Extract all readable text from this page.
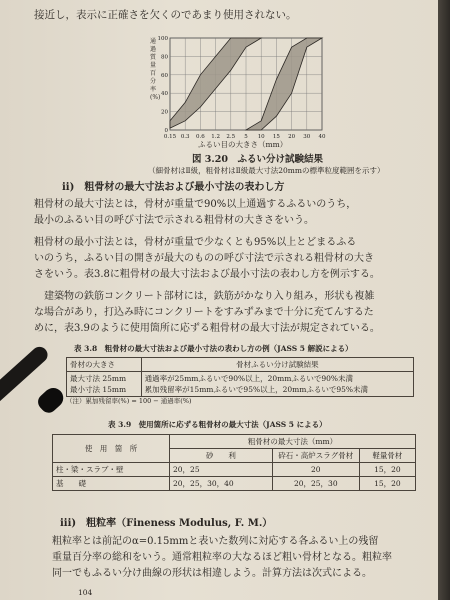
接近し，表示に正確さを欠くのであまり使用されない。
0.15 0.3 0.6 1.2 2.5 5 10 15 20 30 40
100
80
60
40
20
0
通過質量百分率(%)
ふるい目の大きさ（mm）
図 3.20　ふるい分け試験結果
（細骨材はⅡ級，粗骨材はⅡ級最大寸法20mmの標準粒度範囲を示す）
ii)　粗骨材の最大寸法および最小寸法の表わし方
粗骨材の最大寸法とは，骨材が重量で90%以上通過するふるいのうち，
最小のふるい目の呼び寸法で示される粗骨材の大きさをいう。
粗骨材の最小寸法とは，骨材が重量で少なくとも95%以上とどまるふる
いのうち，ふるい目の開きが最大のものの呼び寸法で示される粗骨材の大き
さをいう。表3.8に粗骨材の最大寸法および最小寸法の表わし方を例示する。
建築物の鉄筋コンクリート部材には，鉄筋がかなり入り組み，形状も複雑
な場合があり，打込み時にコンクリートをすみずみまで十分に充てんするた
めに，表3.9のように使用箇所に応ずる粗骨材の最大寸法が規定されている。
表 3.8　粗骨材の最大寸法および最小寸法の表わし方の例（JASS 5 解説による）
骨材の大きさ	骨材ふるい分け試験結果
最大寸法 25mm
最小寸法 15mm	通過率が25mmふるいで90%以上，20mmふるいで90%未満
累加残留率が15mmふるいで95%以上，20mmふるいで95%未満
（注）累加残留率(%) = 100 − 通過率(%)
表 3.9　使用箇所に応ずる粗骨材の最大寸法（JASS 5 による）
使　用　箇　所	粗骨材の最大寸法（mm）		
	砂　　利	砕石・高炉スラグ骨材	軽量骨材
柱・梁・スラブ・壁	20，25	20	15，20
基　　礎	20，25，30，40	20，25，30	15，20
iii)　粗粒率（Fineness Modulus, F. M.）
粗粒率とは前記のα=0.15mmと表いた数列に対応する各ふるい上の残留
重量百分率の総和をいう。通常粗粒率の大なるほど粗い骨材となる。粗粒率
同一でもふるい分け曲線の形状は相違しよう。計算方法は次式による。
104
